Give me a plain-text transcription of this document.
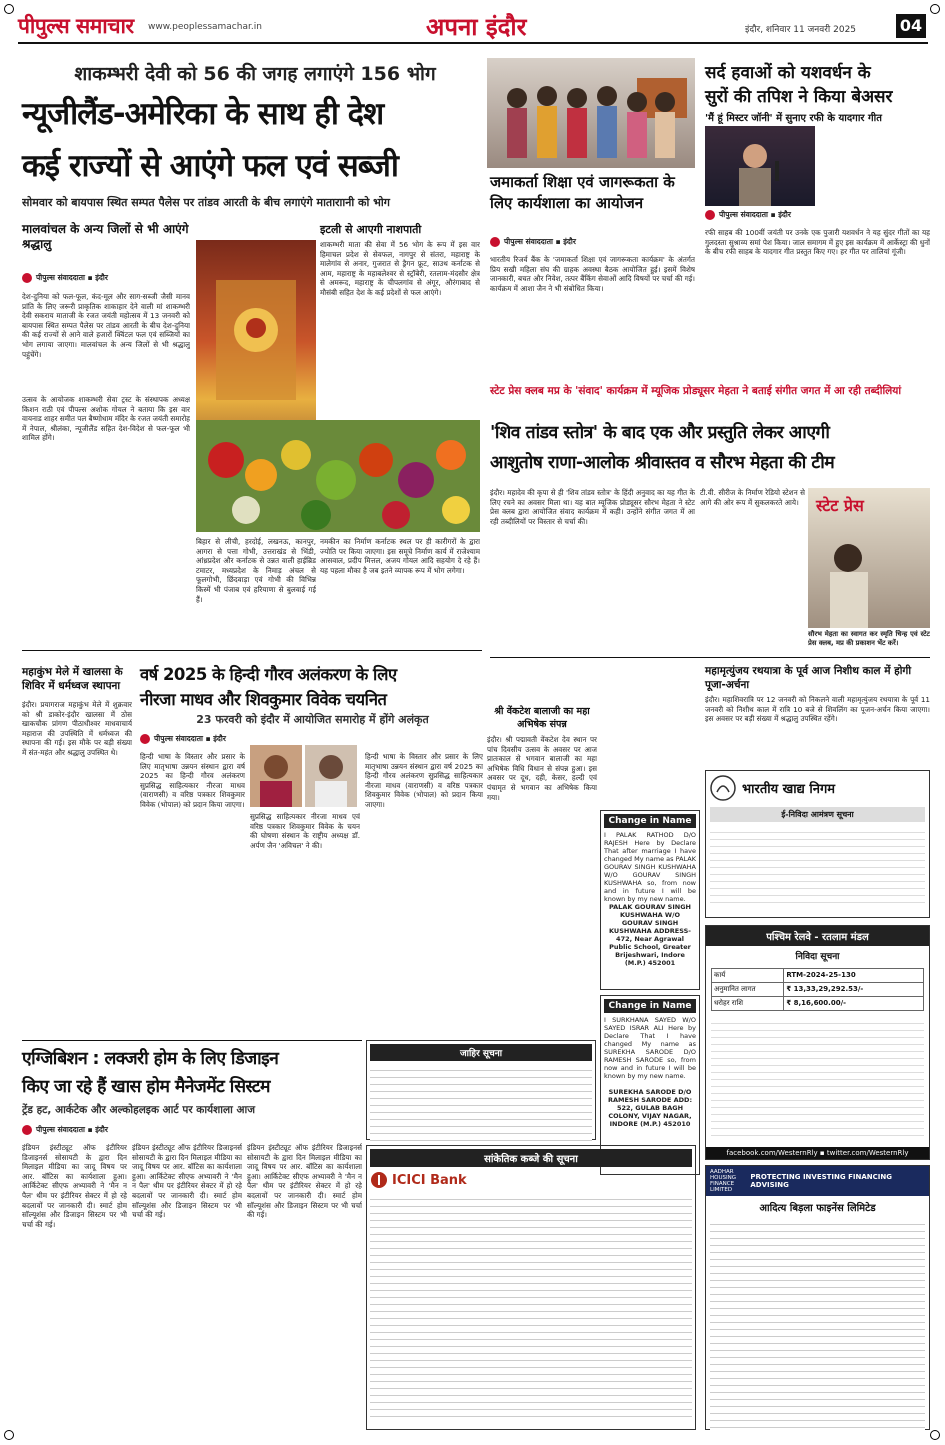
पीपुल्स समाचार www.peoplessamachar.in	अपना इंदौर	इंदौर, शनिवार 11 जनवरी 2025	04
शाकम्भरी देवी को 56 की जगह लगाएंगे 156 भोग
न्यूजीलैंड-अमेरिका के साथ ही देश
कई राज्यों से आएंगे फल एवं सब्जी
सोमवार को बायपास स्थित सम्पत पैलेस पर तांडव आरती के बीच लगाएंगे माताराानी को भोग
मालवांचल के अन्य जिलों से भी आएंगे श्रद्धालु
इटली से आएगी नाशपाती
पीपुल्स संवाददाता ▪ इंदौर
देश-दुनिया को फल-फूल, कंद-मूल और साग-सब्जी जैसी मानव प्रांति के लिए जरूरी प्राकृतिक शाकाहार देने वाली मां शाकम्भरी देवी सकराय माताजी के रजत जयंती महोत्सव में 13 जनवरी को बायपास स्थित सम्पत पैलेस पर तांडव आरती के बीच देश-दुनिया की कई राज्यों से आने वाले हजारों क्विंटल फल एवं सब्जियों का भोग लगाया जाएगा। मालवांचल के अन्य जिलों से भी श्रद्धालु पहुंचेंगे।
उत्सव के आयोजक शाकम्भरी सेवा ट्रस्ट के संस्थापक अध्यक्ष किशन राठी एवं पीपल्स अशोक गोयल ने बताया कि इस वार वायनाड शाहर समीत पल बैष्णोधाम मंदिर के रजत जयंती समारोह में नेपाल, श्रीलंका, न्यूजीलैंड सहित देश-विदेश से फल-फूल भी शामिल होंगे।
शाकम्भरी माता की सेवा में 56 भोग के रूप में इस वार हिमाचल प्रदेश से सेवफल, नागपुर से संतरा, महाराष्ट्र के मालेगांव से अनार, गुजरात से ड्रैगन फ्रूट, साउथ कर्नाटक से आम, महाराष्ट्र के महाबलेश्वर से स्ट्रॉबेरी, रतलाम-मंदसौर क्षेत्र से अमरूद, महाराष्ट्र के चीपलगांव से अंगूर, औरंगाबाद से मौसंबी सहित देश के कई प्रदेशों से फल आएंगे।
बिहार से लीची, हरदोई, लखनऊ, कानपुर, आगरा से पत्ता गोभी, उत्तराखंड से भिंडी, आंध्रप्रदेश और कर्नाटक से उन्नत वाली हाईब्रिड टमाटर, मध्यप्रदेश के निमाड़ अंचल से फूलगोभी, छिंदवाड़ा एवं गोभी की विभिन्न किस्में भी पंजाब एवं हरियाणा से बुलवाई गई हैं।
नमकीन का निर्माण कर्नाटक स्थल पर ही कारीगरों के द्वारा ज्योति पर किया जाएगा। इस समूचे निर्माण कार्य में राजेश्याम आसवाल, प्रदीप मित्तल, अजय गोयल आदि सहयोग दे रहे हैं। यह पहला मौका है जब इतने व्यापक रूप में भोग लगेगा।
जमाकर्ता शिक्षा एवं जागरूकता के लिए कार्यशाला का आयोजन
पीपुल्स संवाददाता ▪ इंदौर
भारतीय रिजर्व बैंक के 'जमाकर्ता शिक्षा एवं जागरूकता कार्यक्रम' के अंतर्गत प्रिय सखी महिला संघ की ग्राहक अवस्था बैठक आयोजित हुई। इसमें विशेष जानकारी, बचत और निवेश, तत्पर बैंकिंग सेवाओं आदि विषयों पर चर्चा की गई। कार्यक्रम में आशा जैन ने भी संबोधित किया।
सर्द हवाओं को यशवर्धन के
सुरों की तपिश ने किया बेअसर
'मैं हूं मिस्टर जॉनी' में सुनाए रफी के यादगार गीत
पीपुल्स संवाददाता ▪ इंदौर
रफी साहब की 100वीं जयंती पर उनके एक पुजारी यशवर्धन ने यह सुंदर गीतों का यह गुलदस्ता सुश्राव्य समां पेश किया। जाल समागम में हुए इस कार्यक्रम में आर्केस्ट्रा की धुनों के बीच रफी साहब के यादगार गीत प्रस्तुत किए गए। हर गीत पर तालियां गूंजी।
स्टेट प्रेस क्लब मप्र के 'संवाद' कार्यक्रम में म्यूजिक प्रोड्यूसर मेहता ने बताई संगीत जगत में आ रही तब्दीलियां
'शिव तांडव स्तोत्र' के बाद एक और प्रस्तुति लेकर आएगी
आशुतोष राणा-आलोक श्रीवास्तव व सौरभ मेहता की टीम
इंदौर। महादेव की कृपा से ही 'शिव तांडव स्तोत्र' के हिंदी अनुवाद का यह गीत के लिए रचने का अवसर मिला था। यह बात म्यूजिक प्रोड्यूसर सौरभ मेहता ने स्टेट प्रेस क्लब द्वारा आयोजित संवाद कार्यक्रम में कही। उन्होंने संगीत जगत में आ रही तब्दीलियों पर विस्तार से चर्चा की।
टी.वी. सीरीज के निर्माण रेडियो स्टेशन से आगे की ओर रूप में सुकलकरते आये।	स्टेट प्रेस
सौरभ मेहता का स्वागत कर स्मृति चिन्ह एवं स्टेट प्रेस क्लब, मप्र की प्रकाशन भेंट करें।
महाकुंभ मेले में खालसा के शिविर में धर्मध्वज स्थापना
इंदौर। प्रयागराज महाकुंभ मेले में शुक्रवार को श्री डाकोर-इंदौर खालसा में ठोस खाकचौक प्रांगण पीठाधीश्वर माधवाचार्य महाराज की उपस्थिति में धर्मध्वज की स्थापना की गई। इस मौके पर बड़ी संख्या में संत-महंत और श्रद्धालु उपस्थित थे।
वर्ष 2025 के हिन्दी गौरव अलंकरण के लिए
नीरजा माधव और शिवकुमार विवेक चयनित
23 फरवरी को इंदौर में आयोजित समारोह में होंगे अलंकृत
पीपुल्स संवाददाता ▪ इंदौर
हिन्दी भाषा के विस्तार और प्रसार के लिए मातृभाषा उन्नयन संस्थान द्वारा वर्ष 2025 का हिन्दी गौरव अलंकरण सुप्रसिद्ध साहित्यकार नीरजा माधव (वाराणसी) व वरिष्ठ पत्रकार शिवकुमार विवेक (भोपाल) को प्रदान किया जाएगा।
सुप्रसिद्ध साहित्यकार नीरजा माधव एवं वरिष्ठ पत्रकार शिवकुमार विवेक के चयन की घोषणा संस्थान के राष्ट्रीय अध्यक्ष डॉ. अर्पण जैन 'अविचल' ने की।
महामृत्युंजय रथयात्रा के पूर्व आज निशीथ काल में होगी पूजा-अर्चना
इंदौर। महाशिवरात्रि पर 12 जनवरी को निकलने वाली महामृत्युंजय रथयात्रा के पूर्व 11 जनवरी को निशीथ काल में रात्रि 10 बजे से शिवलिंग का पूजन-अर्चन किया जाएगा। इस अवसर पर बड़ी संख्या में श्रद्धालु उपस्थित रहेंगे।
श्री वेंकटेश बालाजी का महा अभिषेक संपन्न
इंदौर। श्री पद्मावती वेंकटेश देव स्थान पर पांच दिवसीय उत्सव के अवसर पर आज प्रातःकाल से भगवान बालाजी का महा अभिषेक विधि विधान से संपन्न हुआ। इस अवसर पर दूध, दही, केसर, हल्दी एवं पंचामृत से भगवान का अभिषेक किया गया।
हिन्दी भाषा के विस्तार और प्रसार के लिए मातृभाषा उन्नयन संस्थान द्वारा वर्ष 2025 का हिन्दी गौरव अलंकरण सुप्रसिद्ध साहित्यकार नीरजा माधव (वाराणसी) व वरिष्ठ पत्रकार शिवकुमार विवेक (भोपाल) को प्रदान किया जाएगा।
Change in Name
I PALAK RATHOD D/O RAJESH Here by Declare That after marriage I have changed My name as PALAK GOURAV SINGH KUSHWAHA W/O GOURAV SINGH KUSHWAHA so, from now and in future I will be known by my new name.
PALAK GOURAV SINGH KUSHWAHA W/O GOURAV SINGH KUSHWAHA ADDRESS- 472, Near Agrawal Public School, Greater Brijeshwari, Indore (M.P.) 452001
Change in Name
I SURKHANA SAYED W/O SAYED ISRAR ALI Here by Declare That I have changed My name as SUREKHA SARODE D/O RAMESH SARODE so, from now and in future I will be known by my new name.
SUREKHA SARODE D/O RAMESH SARODE ADD: 522, GULAB BAGH COLONY, VIJAY NAGAR, INDORE (M.P.) 452010
भारतीय खाद्य निगम
ई-निविदा आमंत्रण सूचना
पश्चिम रेलवे - रतलाम मंडल
निविदा सूचना
कार्य	RTM-2024-25-130
अनुमानित लागत	₹ 13,33,29,292.53/-
धरोहर राशि	₹ 8,16,600.00/-
facebook.com/WesternRly ▪ twitter.com/WesternRly
एग्जिबिशन : लक्जरी होम के लिए डिजाइन
किए जा रहे हैं खास होम मैनेजमेंट सिस्टम
ट्रेंड हट, आर्कटेक और अल्कोहलइक आर्ट पर कार्यशाला आज
पीपुल्स संवाददाता ▪ इंदौर
इंडियन इंस्टीट्यूट ऑफ इंटीरियर डिजाइनर्स सोसायटी के द्वारा दिन मिलाइल मीडिया का जादू विषय पर आर. बॉटिस का कार्यशाला हुआ। आर्किटेक्ट सीएफ अभ्यावरी ने 'मैन न पैल' थीम पर इंटीरियर सेक्टर में हो रहे बदलावों पर जानकारी दी। स्मार्ट होम सॉल्यूशंस और डिजाइन सिस्टम पर भी चर्चा की गई।
इंडियन इंस्टीट्यूट ऑफ इंटीरियर डिजाइनर्स सोसायटी के द्वारा दिन मिलाइल मीडिया का जादू विषय पर आर. बॉटिस का कार्यशाला हुआ। आर्किटेक्ट सीएफ अभ्यावरी ने 'मैन न पैल' थीम पर इंटीरियर सेक्टर में हो रहे बदलावों पर जानकारी दी। स्मार्ट होम सॉल्यूशंस और डिजाइन सिस्टम पर भी चर्चा की गई।
इंडियन इंस्टीट्यूट ऑफ इंटीरियर डिजाइनर्स सोसायटी के द्वारा दिन मिलाइल मीडिया का जादू विषय पर आर. बॉटिस का कार्यशाला हुआ। आर्किटेक्ट सीएफ अभ्यावरी ने 'मैन न पैल' थीम पर इंटीरियर सेक्टर में हो रहे बदलावों पर जानकारी दी। स्मार्ट होम सॉल्यूशंस और डिजाइन सिस्टम पर भी चर्चा की गई।
जाहिर सूचना
सांकेतिक कब्जे की सूचना
ICICI Bank
AADHAR HOUSING FINANCE LIMITED
PROTECTING INVESTING FINANCING ADVISING
आदित्य बिड़ला फाइनेंस लिमिटेड
